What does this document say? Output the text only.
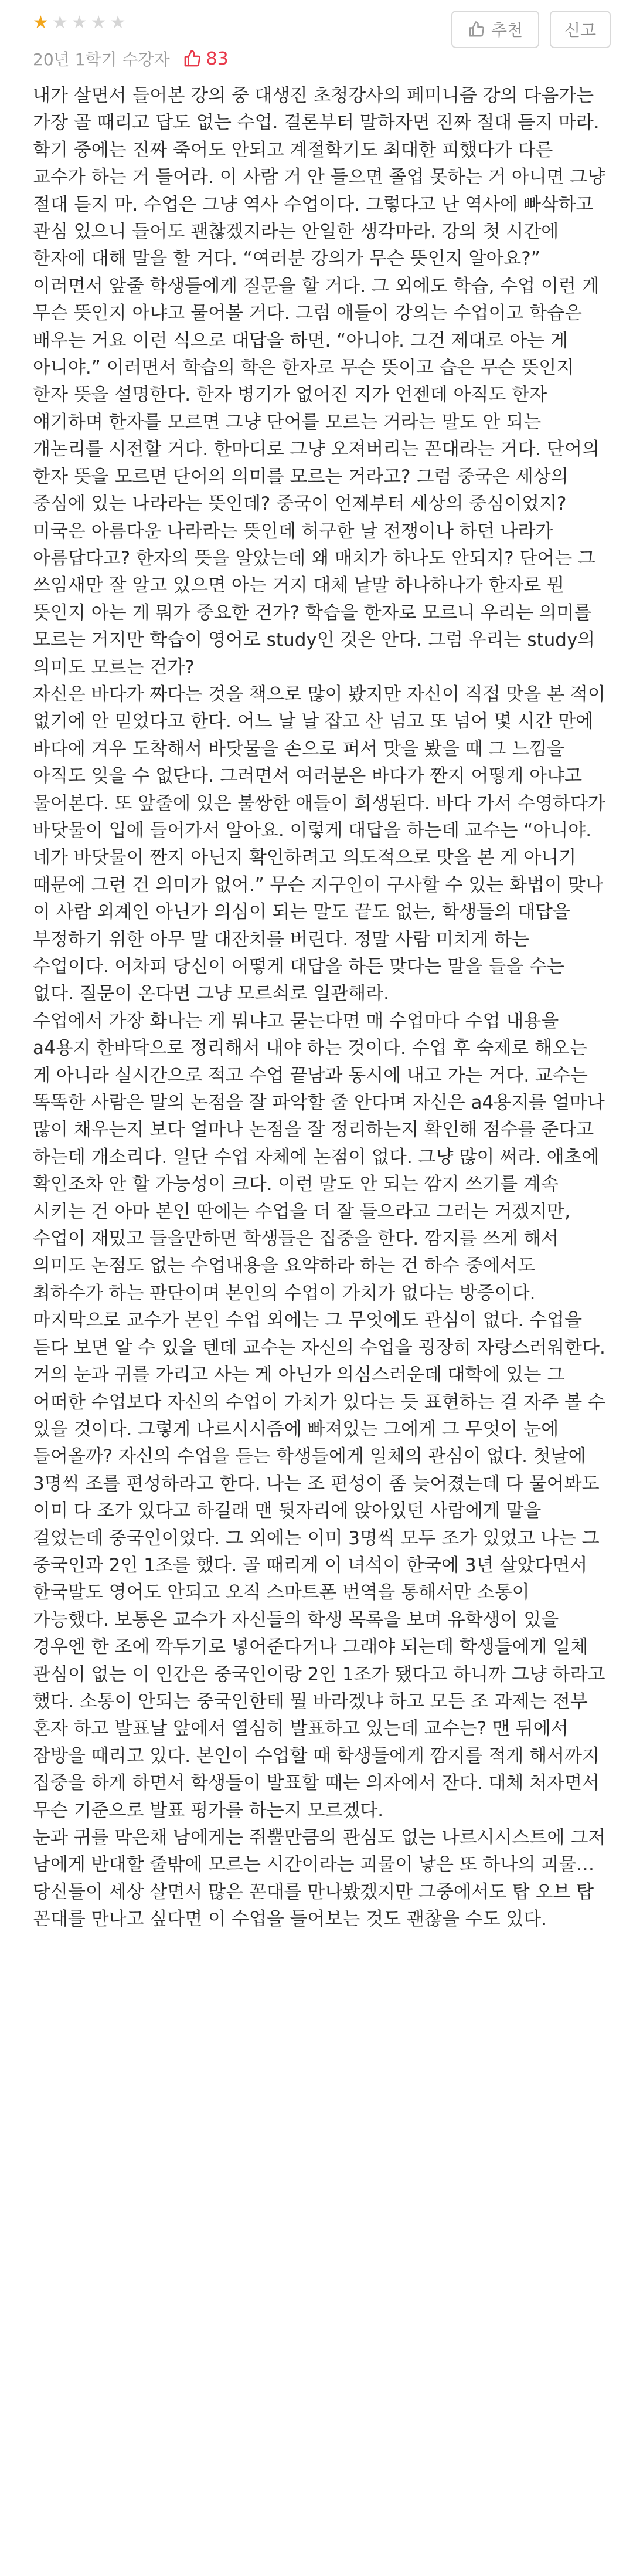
★ ★ ★ ★ ★
20년 1학기 수강자 83
추천	신고
내가 살면서 들어본 강의 중 대생진 초청강사의 페미니즘 강의 다음가는 가장 골 때리고 답도 없는 수업. 결론부터 말하자면 진짜 절대 듣지 마라. 학기 중에는 진짜 죽어도 안되고 계절학기도 최대한 피했다가 다른 교수가 하는 거 들어라. 이 사람 거 안 들으면 졸업 못하는 거 아니면 그냥 절대 듣지 마. 수업은 그냥 역사 수업이다. 그렇다고 난 역사에 빠삭하고 관심 있으니 들어도 괜찮겠지라는 안일한 생각마라. 강의 첫 시간에 한자에 대해 말을 할 거다. “여러분 강의가 무슨 뜻인지 알아요?” 이러면서 앞줄 학생들에게 질문을 할 거다. 그 외에도 학습, 수업 이런 게 무슨 뜻인지 아냐고 물어볼 거다. 그럼 애들이 강의는 수업이고 학습은 배우는 거요 이런 식으로 대답을 하면. “아니야. 그건 제대로 아는 게 아니야.” 이러면서 학습의 학은 한자로 무슨 뜻이고 습은 무슨 뜻인지 한자 뜻을 설명한다. 한자 병기가 없어진 지가 언젠데 아직도 한자 얘기하며 한자를 모르면 그냥 단어를 모르는 거라는 말도 안 되는 개논리를 시전할 거다. 한마디로 그냥 오져버리는 꼰대라는 거다. 단어의 한자 뜻을 모르면 단어의 의미를 모르는 거라고? 그럼 중국은 세상의 중심에 있는 나라라는 뜻인데? 중국이 언제부터 세상의 중심이었지? 미국은 아름다운 나라라는 뜻인데 허구한 날 전쟁이나 하던 나라가 아름답다고? 한자의 뜻을 알았는데 왜 매치가 하나도 안되지? 단어는 그 쓰임새만 잘 알고 있으면 아는 거지 대체 낱말 하나하나가 한자로 뭔 뜻인지 아는 게 뭐가 중요한 건가? 학습을 한자로 모르니 우리는 의미를 모르는 거지만 학습이 영어로 study인 것은 안다. 그럼 우리는 study의 의미도 모르는 건가?
자신은 바다가 짜다는 것을 책으로 많이 봤지만 자신이 직접 맛을 본 적이 없기에 안 믿었다고 한다. 어느 날 날 잡고 산 넘고 또 넘어 몇 시간 만에 바다에 겨우 도착해서 바닷물을 손으로 퍼서 맛을 봤을 때 그 느낌을 아직도 잊을 수 없단다. 그러면서 여러분은 바다가 짠지 어떻게 아냐고 물어본다. 또 앞줄에 있은 불쌍한 애들이 희생된다. 바다 가서 수영하다가 바닷물이 입에 들어가서 알아요. 이렇게 대답을 하는데 교수는 “아니야. 네가 바닷물이 짠지 아닌지 확인하려고 의도적으로 맛을 본 게 아니기 때문에 그런 건 의미가 없어.” 무슨 지구인이 구사할 수 있는 화법이 맞나 이 사람 외계인 아닌가 의심이 되는 말도 끝도 없는, 학생들의 대답을 부정하기 위한 아무 말 대잔치를 버린다. 정말 사람 미치게 하는 수업이다. 어차피 당신이 어떻게 대답을 하든 맞다는 말을 들을 수는 없다. 질문이 온다면 그냥 모르쇠로 일관해라.
수업에서 가장 화나는 게 뭐냐고 묻는다면 매 수업마다 수업 내용을 a4용지 한바닥으로 정리해서 내야 하는 것이다. 수업 후 숙제로 해오는 게 아니라 실시간으로 적고 수업 끝남과 동시에 내고 가는 거다. 교수는 똑똑한 사람은 말의 논점을 잘 파악할 줄 안다며 자신은 a4용지를 얼마나 많이 채우는지 보다 얼마나 논점을 잘 정리하는지 확인해 점수를 준다고 하는데 개소리다. 일단 수업 자체에 논점이 없다. 그냥 많이 써라. 애초에 확인조차 안 할 가능성이 크다. 이런 말도 안 되는 깜지 쓰기를 계속 시키는 건 아마 본인 딴에는 수업을 더 잘 들으라고 그러는 거겠지만, 수업이 재밌고 들을만하면 학생들은 집중을 한다. 깜지를 쓰게 해서 의미도 논점도 없는 수업내용을 요약하라 하는 건 하수 중에서도 최하수가 하는 판단이며 본인의 수업이 가치가 없다는 방증이다. 마지막으로 교수가 본인 수업 외에는 그 무엇에도 관심이 없다. 수업을 듣다 보면 알 수 있을 텐데 교수는 자신의 수업을 굉장히 자랑스러워한다. 거의 눈과 귀를 가리고 사는 게 아닌가 의심스러운데 대학에 있는 그 어떠한 수업보다 자신의 수업이 가치가 있다는 듯 표현하는 걸 자주 볼 수 있을 것이다. 그렇게 나르시시즘에 빠져있는 그에게 그 무엇이 눈에 들어올까? 자신의 수업을 듣는 학생들에게 일체의 관심이 없다. 첫날에 3명씩 조를 편성하라고 한다. 나는 조 편성이 좀 늦어졌는데 다 물어봐도 이미 다 조가 있다고 하길래 맨 뒷자리에 앉아있던 사람에게 말을 걸었는데 중국인이었다. 그 외에는 이미 3명씩 모두 조가 있었고 나는 그 중국인과 2인 1조를 했다. 골 때리게 이 녀석이 한국에 3년 살았다면서 한국말도 영어도 안되고 오직 스마트폰 번역을 통해서만 소통이 가능했다. 보통은 교수가 자신들의 학생 목록을 보며 유학생이 있을 경우엔 한 조에 깍두기로 넣어준다거나 그래야 되는데 학생들에게 일체 관심이 없는 이 인간은 중국인이랑 2인 1조가 됐다고 하니까 그냥 하라고 했다. 소통이 안되는 중국인한테 뭘 바라겠냐 하고 모든 조 과제는 전부 혼자 하고 발표날 앞에서 열심히 발표하고 있는데 교수는? 맨 뒤에서 잠방을 때리고 있다. 본인이 수업할 때 학생들에게 깜지를 적게 해서까지 집중을 하게 하면서 학생들이 발표할 때는 의자에서 잔다. 대체 처자면서 무슨 기준으로 발표 평가를 하는지 모르겠다.
눈과 귀를 막은채 남에게는 쥐뿔만큼의 관심도 없는 나르시시스트에 그저 남에게 반대할 줄밖에 모르는 시간이라는 괴물이 낳은 또 하나의 괴물… 당신들이 세상 살면서 많은 꼰대를 만나봤겠지만 그중에서도 탑 오브 탑 꼰대를 만나고 싶다면 이 수업을 들어보는 것도 괜찮을 수도 있다.
